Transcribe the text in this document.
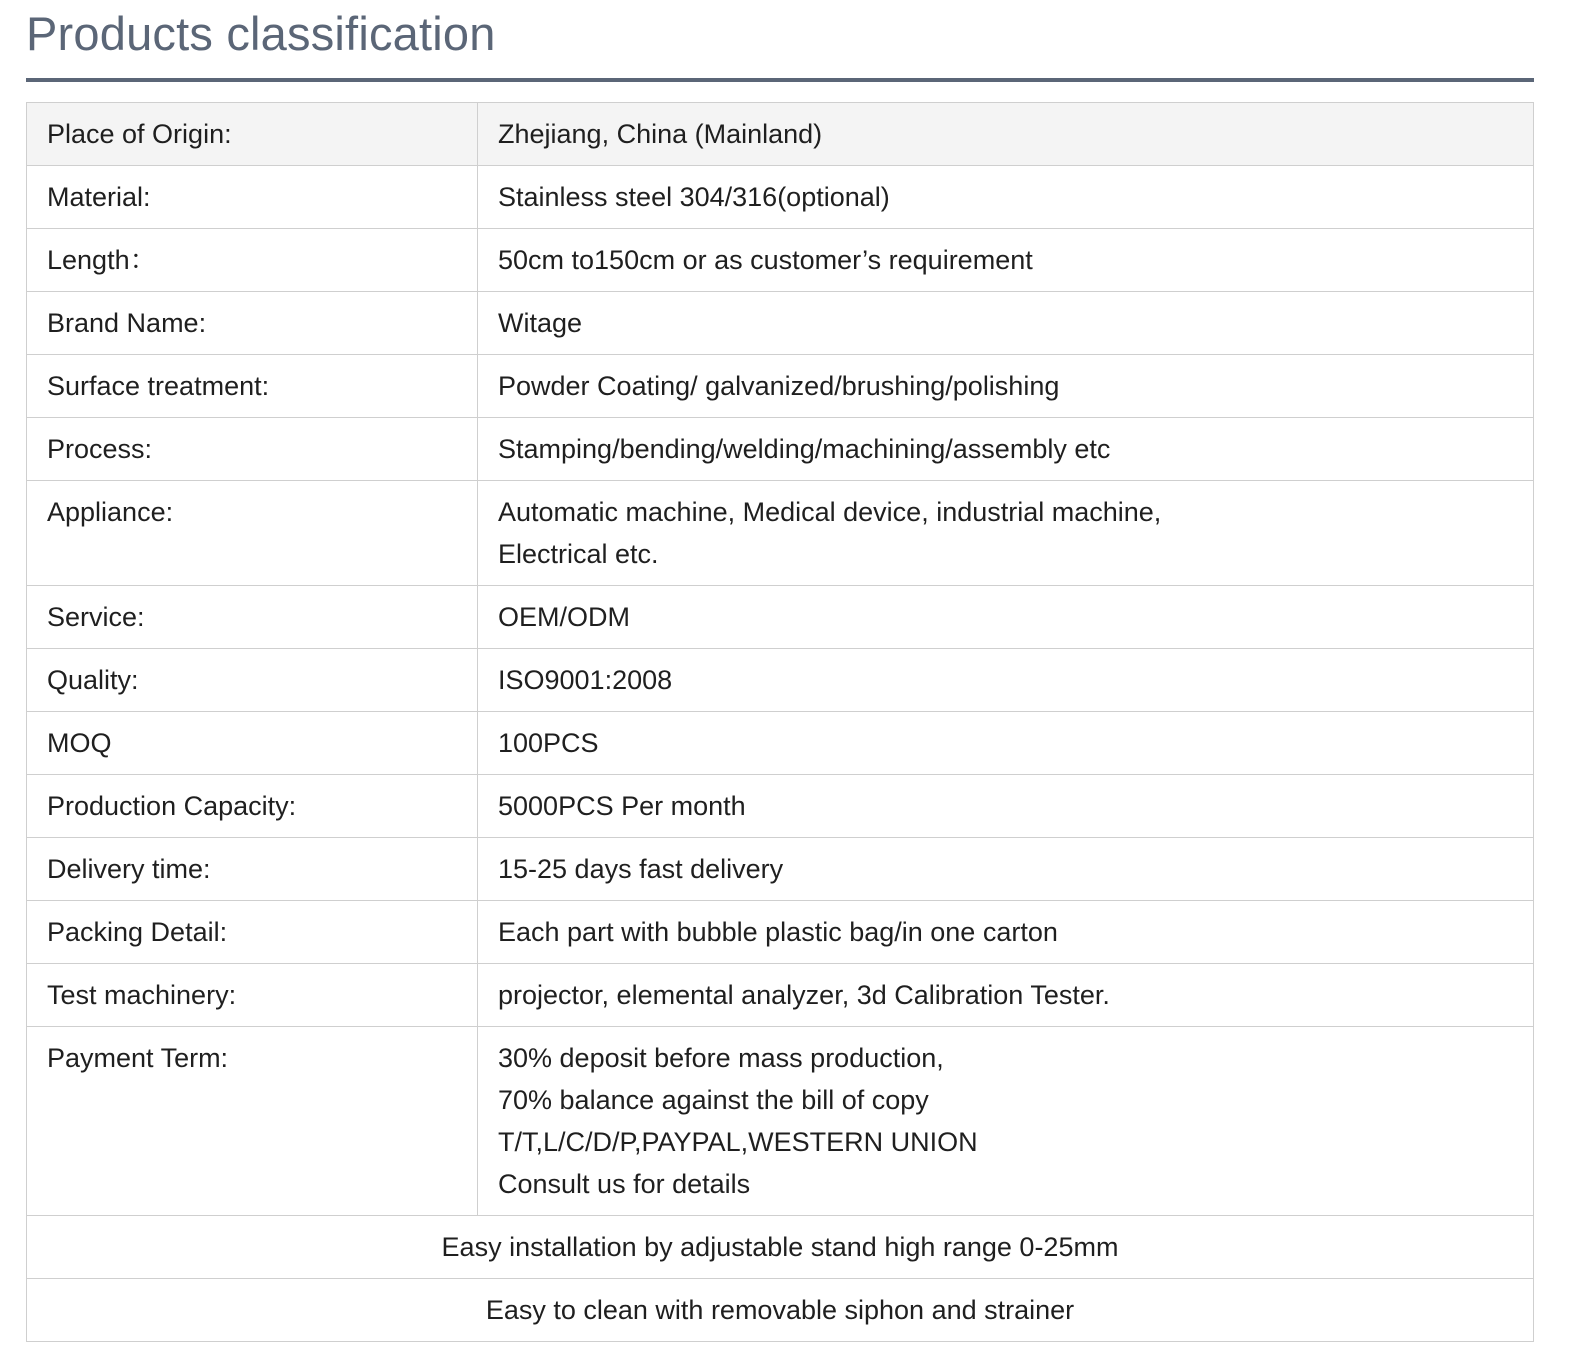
Products classification
Place of Origin:	Zhejiang, China (Mainland)

Material:	Stainless steel 304/316(optional)

Length：	50cm to150cm or as customer’s requirement

Brand Name:	Witage

Surface treatment:	Powder Coating/ galvanized/brushing/polishing

Process:	Stamping/bending/welding/machining/assembly etc

Appliance:	Automatic machine, Medical device, industrial machine,
Electrical etc.

Service:	OEM/ODM

Quality:	ISO9001:2008

MOQ	100PCS

Production Capacity:	5000PCS Per month

Delivery time:	15-25 days fast delivery

Packing Detail:	Each part with bubble plastic bag/in one carton

Test machinery:	projector, elemental analyzer, 3d Calibration Tester.

Payment Term:	30% deposit before mass production,
70% balance against the bill of copy
T/T,L/C/D/P,PAYPAL,WESTERN UNION
Consult us for details

Easy installation by adjustable stand high range 0-25mm	
Easy to clean with removable siphon and strainer	
